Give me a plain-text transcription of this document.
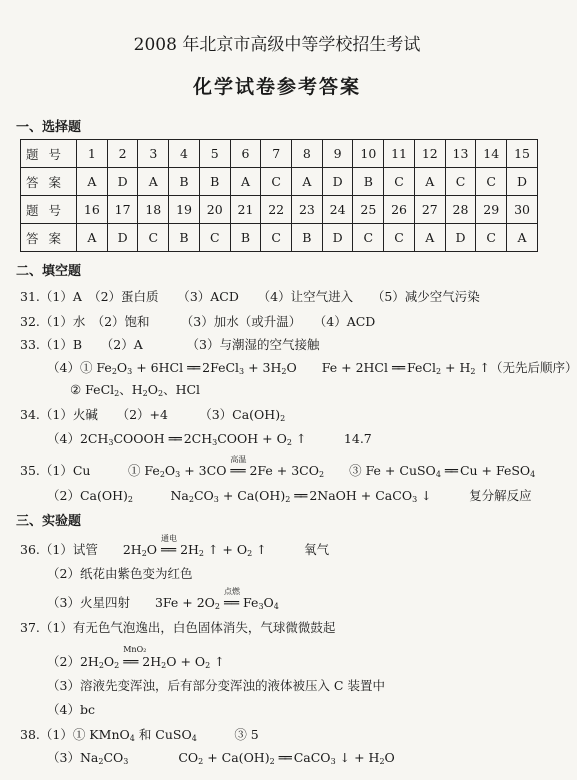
2008 年北京市高级中等学校招生考试
化学试卷参考答案
一、选择题
题号	1	2	3	4	5	6	7	8	9	10	11	12	13	14	15
答案	A	D	A	B	B	A	C	A	D	B	C	A	C	C	D
题号	16	17	18	19	20	21	22	23	24	25	26	27	28	29	30
答案	A	D	C	B	C	B	C	B	D	C	C	A	D	C	A
二、填空题
31.（1）A　（2）蛋白质　　（3）ACD　　（4）让空气进入　　（5）减少空气污染
32.（1）水　（2）饱和　　　（3）加水（或升温）　　（4）ACD
33.（1）B　　（2）A　　　　（3）与潮湿的空气接触
（4）① $Fe_2O_3 + 6HCl$ ══ 2FeCl$_3$ + $3H_2O$　　Fe + 2HCl ══ FeCl$_2$ + $H_2$ ↑（无先后顺序）
② FeCl$_2$、$H_2O_2$、HCl
34.（1）火碱　　（2）+4　　　$(3)Ca(OH)_2$
$(4)2CH_3COOOH$ ══ $2CH_3COOH + O_2$ ↑　　　14.7
35.（1）Cu　　　① $Fe_2O_3 + 3CO$
高温
══ $2Fe + 3CO_2$　　③ Fe + CuSO$_4$ ══ Cu + FeSO$_4$
$(2)Ca(OH)_2$　　　$Na_2CO_3 + Ca(OH)_2$ ══ 2NaOH + CaCO$_3$ ↓　　　复分解反应
三、实验题
36.（1）试管　　$2H_2O$
通电
══ $2H_2$ ↑ + $O_2$ ↑　　　氧气
（2）纸花由紫色变为红色
（3）火星四射　　$3Fe + 2O_2$
点燃
══ $Fe_3O_4$
37.（1）有无色气泡逸出，白色固体消失，气球微微鼓起
$(2)2H_2O_2$
MnO₂
══ $2H_2O + O_2$ ↑
（3）溶液先变浑浊，后有部分变浑浊的液体被压入 C 装置中
（4）bc
38.（1）① KMnO$_4$ 和 CuSO$_4$　　　③ 5
$(3)Na_2CO_3$　　　　$CO_2 + Ca(OH)_2$ ══ CaCO$_3$ ↓ + $H_2O$
